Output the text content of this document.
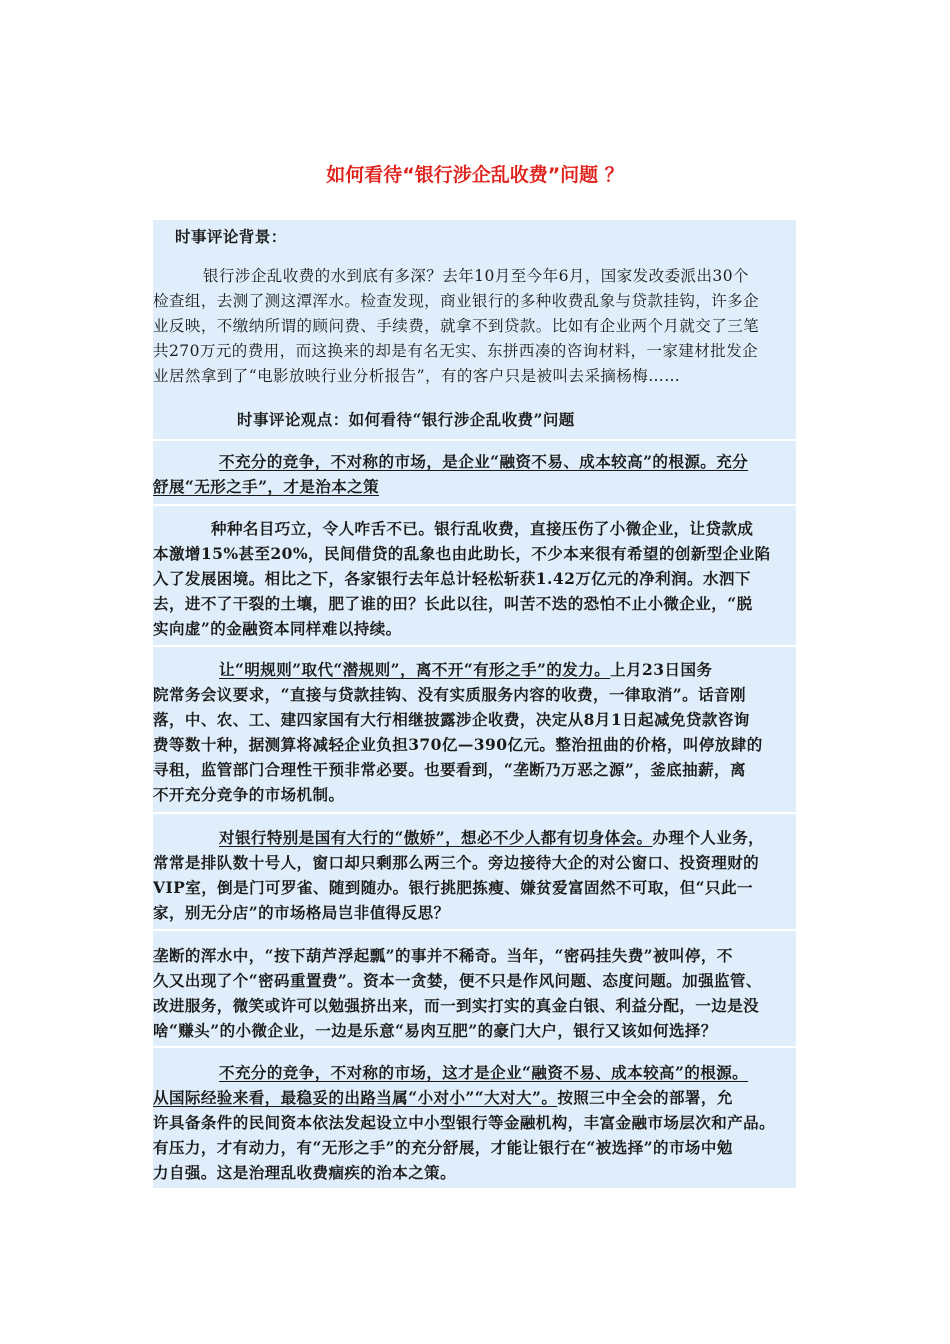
如何看待“银行涉企乱收费”问题 ？
时事评论背景：
银行涉企乱收费的水到底有多深？去年10月至今年6月，国家发改委派出30个
检查组，去测了测这潭浑水。检查发现，商业银行的多种收费乱象与贷款挂钩，许多企
业反映，不缴纳所谓的顾问费、手续费，就拿不到贷款。比如有企业两个月就交了三笔
共270万元的费用，而这换来的却是有名无实、东拼西凑的咨询材料，一家建材批发企
业居然拿到了“电影放映行业分析报告”，有的客户只是被叫去采摘杨梅……
时事评论观点：如何看待“银行涉企乱收费”问题
不充分的竞争，不对称的市场，是企业“融资不易、成本较高”的根源。充分
舒展“无形之手”，才是治本之策
种种名目巧立，令人咋舌不已。银行乱收费，直接压伤了小微企业，让贷款成
本激增15%甚至20%，民间借贷的乱象也由此助长，不少本来很有希望的创新型企业陷
入了发展困境。相比之下，各家银行去年总计轻松斩获1.42万亿元的净利润。水泗下
去，进不了干裂的土壤，肥了谁的田？长此以往，叫苦不迭的恐怕不止小微企业，“脱
实向虚”的金融资本同样难以持续。
让“明规则”取代“潜规则”，离不开“有形之手”的发力。上月23日国务
院常务会议要求，“直接与贷款挂钩、没有实质服务内容的收费，一律取消”。话音刚
落，中、农、工、建四家国有大行相继披露涉企收费，决定从8月1日起减免贷款咨询
费等数十种，据测算将减轻企业负担370亿—390亿元。整治扭曲的价格，叫停放肆的
寻租，监管部门合理性干预非常必要。也要看到，“垄断乃万恶之源”，釜底抽薪，离
不开充分竞争的市场机制。
对银行特别是国有大行的“傲娇”，想必不少人都有切身体会。办理个人业务，
常常是排队数十号人，窗口却只剩那么两三个。旁边接待大企的对公窗口、投资理财的
VIP室，倒是门可罗雀、随到随办。银行挑肥拣瘦、嫌贫爱富固然不可取，但“只此一
家，别无分店”的市场格局岂非值得反思？
垄断的浑水中，“按下葫芦浮起瓢”的事并不稀奇。当年，“密码挂失费”被叫停，不
久又出现了个“密码重置费”。资本一贪婪，便不只是作风问题、态度问题。加强监管、
改进服务，微笑或许可以勉强挤出来，而一到实打实的真金白银、利益分配，一边是没
啥“赚头”的小微企业，一边是乐意“易肉互肥”的豪门大户，银行又该如何选择？
不充分的竞争，不对称的市场，这才是企业“融资不易、成本较高”的根源。
从国际经验来看，最稳妥的出路当属“小对小”“大对大”。按照三中全会的部署，允
许具备条件的民间资本依法发起设立中小型银行等金融机构，丰富金融市场层次和产品。
有压力，才有动力，有“无形之手”的充分舒展，才能让银行在“被选择”的市场中勉
力自强。这是治理乱收费痼疾的治本之策。
